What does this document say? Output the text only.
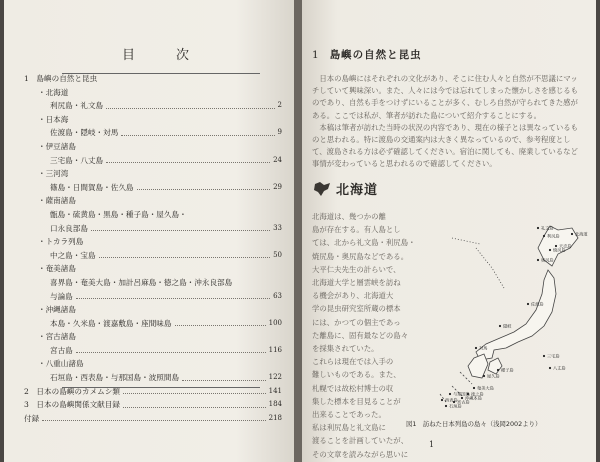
目　次
1　島嶼の自然と昆虫
・北海道
利尻島・礼文島	2
・日本海
佐渡島・隠岐・対馬	9
・伊豆諸島
三宅島・八丈島	24
・三河湾
篠島・日間賀島・佐久島	29
・薩南諸島
甑島・硫黄島・黒島・種子島・屋久島・
口永良部島	33
・トカラ列島
中之島・宝島	50
・奄美諸島
喜界島・奄美大島・加計呂麻島・徳之島・沖永良部島
与論島	63
・沖縄諸島
本島・久米島・渡嘉敷島・座間味島	100
・宮古諸島
宮古島	116
・八重山諸島
石垣島・西表島・与那国島・波照間島	122
2　日本の島嶼のカメムシ類	141
3　日本の島嶼関係文献目録	184
付録	218
1 島嶼の自然と昆虫

日本の島嶼にはそれぞれの文化があり、そこに住む人々と自然が不思議にマッチしていて興味深い。また、人々には今では忘れてしまった懐かしさを感じるものであり、自然も手をつけずにいることが多く、むしろ自然が守られてきた感がある。ここでは私が、筆者が訪れた島について紹介することにする。

本稿は筆者が訪れた当時の状況の内容であり、現在の様子とは異なっているものと思われる。特に渡島の交通案内は大きく異なっているので、参考程度として、渡島される方は必ず確認してください。宿泊に関しても、廃業しているなど事情が変わっていると思われるので確認してください。

北海道

北海道は、幾つかの離

島が存在する。有人島とし

ては、北から礼文島・利尻島・

焼尻島・奥尻島などである。

大平仁夫先生の計らいで、

北海道大学と層雲峡を訪ね

る機会があり、北海道大

学の昆虫研究室所蔵の標本

には、かつての個主であっ

た離島に、固有最などの島々

を採集されていた。

これらは現在では入手の

難しいものである。また、

札幌では故松村博士の収

集した標本を目見ることが

出来ることであった。

私は利尻島と礼文島に

渡ることを計画していたが、

その文章を読みながら思いに

礼文島
利尻島
焼尻島
天売島
奥尻島
北海道
佐渡島
隠岐
対馬
三宅島
八丈島
屋久島
種子島
奄美大島
徳之島
沖縄本島
宮古島
石垣島
西表島
与那国島
図1　訪ねた日本列島の島々（浅岡2002より）
1
